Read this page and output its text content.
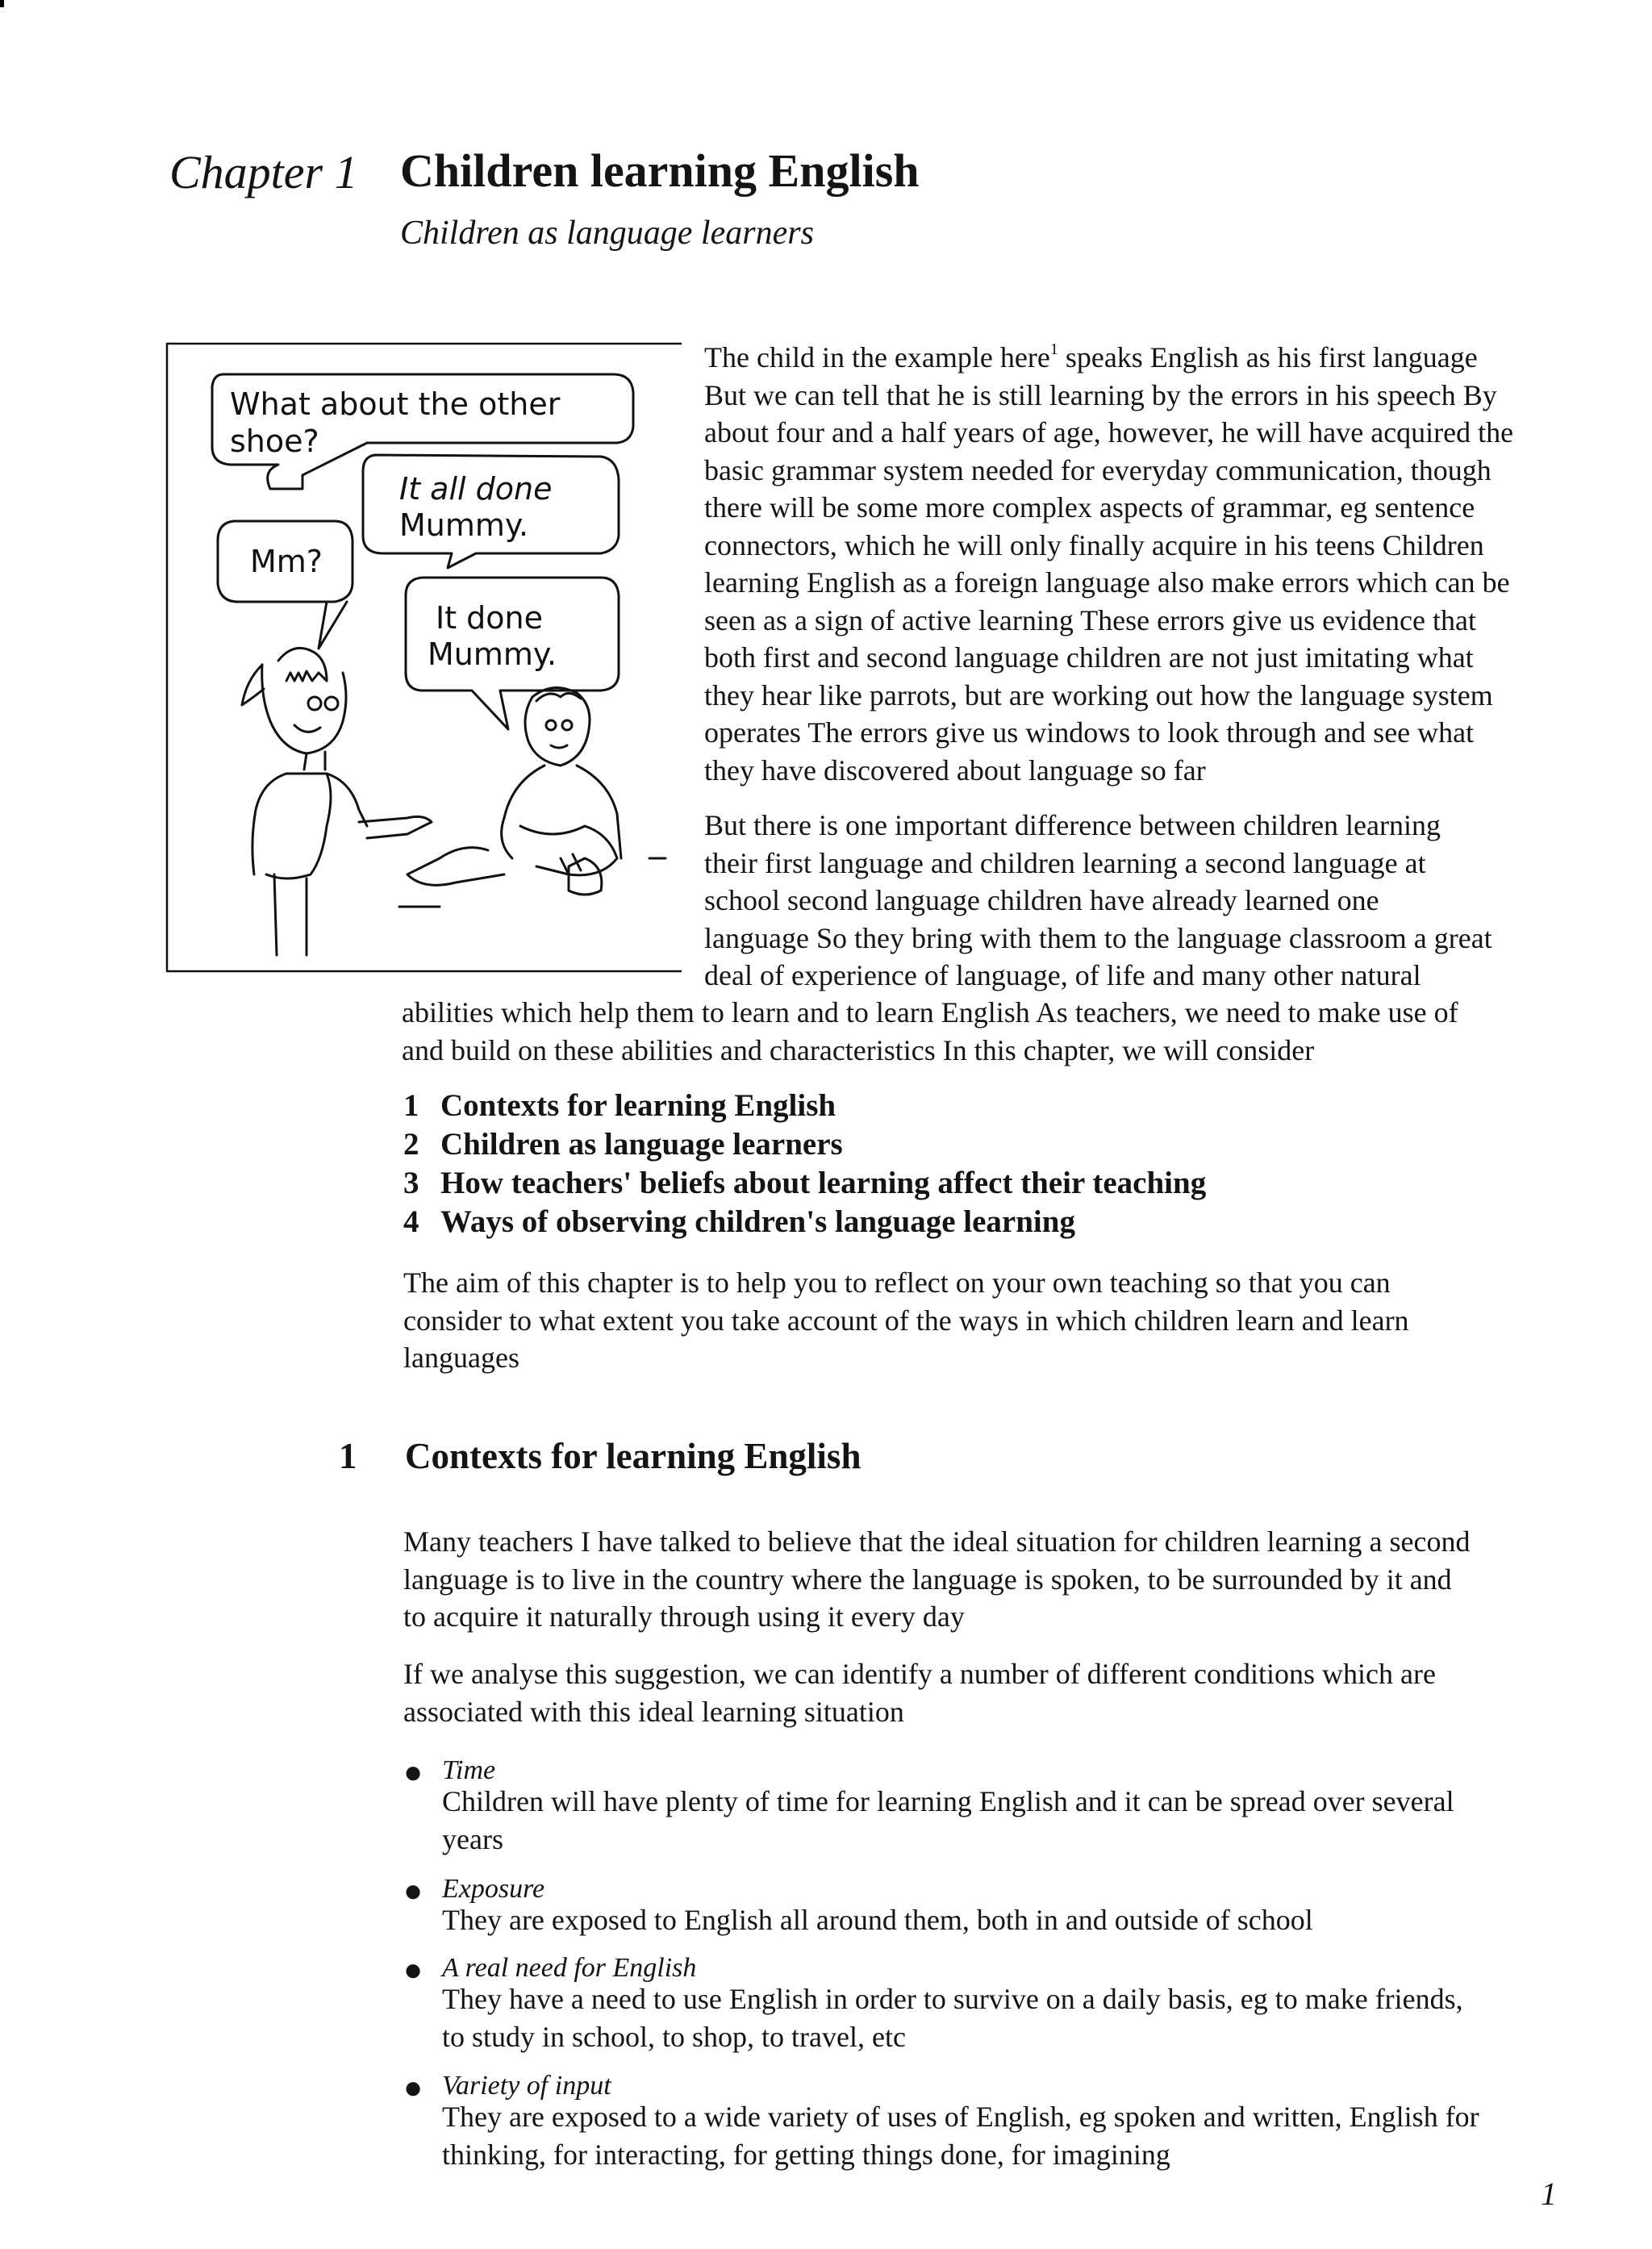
Chapter 1 Children learning English
Children as language learners
What about the other
shoe?
It all done
Mummy.
Mm?
It done
Mummy.
The child in the example here$^1$ speaks English as his first language
But we can tell that he is still learning by the errors in his speech By
about four and a half years of age, however, he will have acquired the
basic grammar system needed for everyday communication, though
there will be some more complex aspects of grammar, eg sentence
connectors, which he will only finally acquire in his teens Children
learning English as a foreign language also make errors which can be
seen as a sign of active learning These errors give us evidence that
both first and second language children are not just imitating what
they hear like parrots, but are working out how the language system
operates The errors give us windows to look through and see what
they have discovered about language so far
But there is one important difference between children learning
their first language and children learning a second language at
school second language children have already learned one
language So they bring with them to the language classroom a great
deal of experience of language, of life and many other natural
abilities which help them to learn and to learn English As teachers, we need to make use of
and build on these abilities and characteristics In this chapter, we will consider
1 Contexts for learning English
2 Children as language learners
3 How teachers' beliefs about learning affect their teaching
4 Ways of observing children's language learning
The aim of this chapter is to help you to reflect on your own teaching so that you can
consider to what extent you take account of the ways in which children learn and learn
languages
1 Contexts for learning English
Many teachers I have talked to believe that the ideal situation for children learning a second
language is to live in the country where the language is spoken, to be surrounded by it and
to acquire it naturally through using it every day
If we analyse this suggestion, we can identify a number of different conditions which are
associated with this ideal learning situation
● Time
Children will have plenty of time for learning English and it can be spread over several
years
● Exposure
They are exposed to English all around them, both in and outside of school
● A real need for English
They have a need to use English in order to survive on a daily basis, eg to make friends,
to study in school, to shop, to travel, etc
● Variety of input
They are exposed to a wide variety of uses of English, eg spoken and written, English for
thinking, for interacting, for getting things done, for imagining
1
